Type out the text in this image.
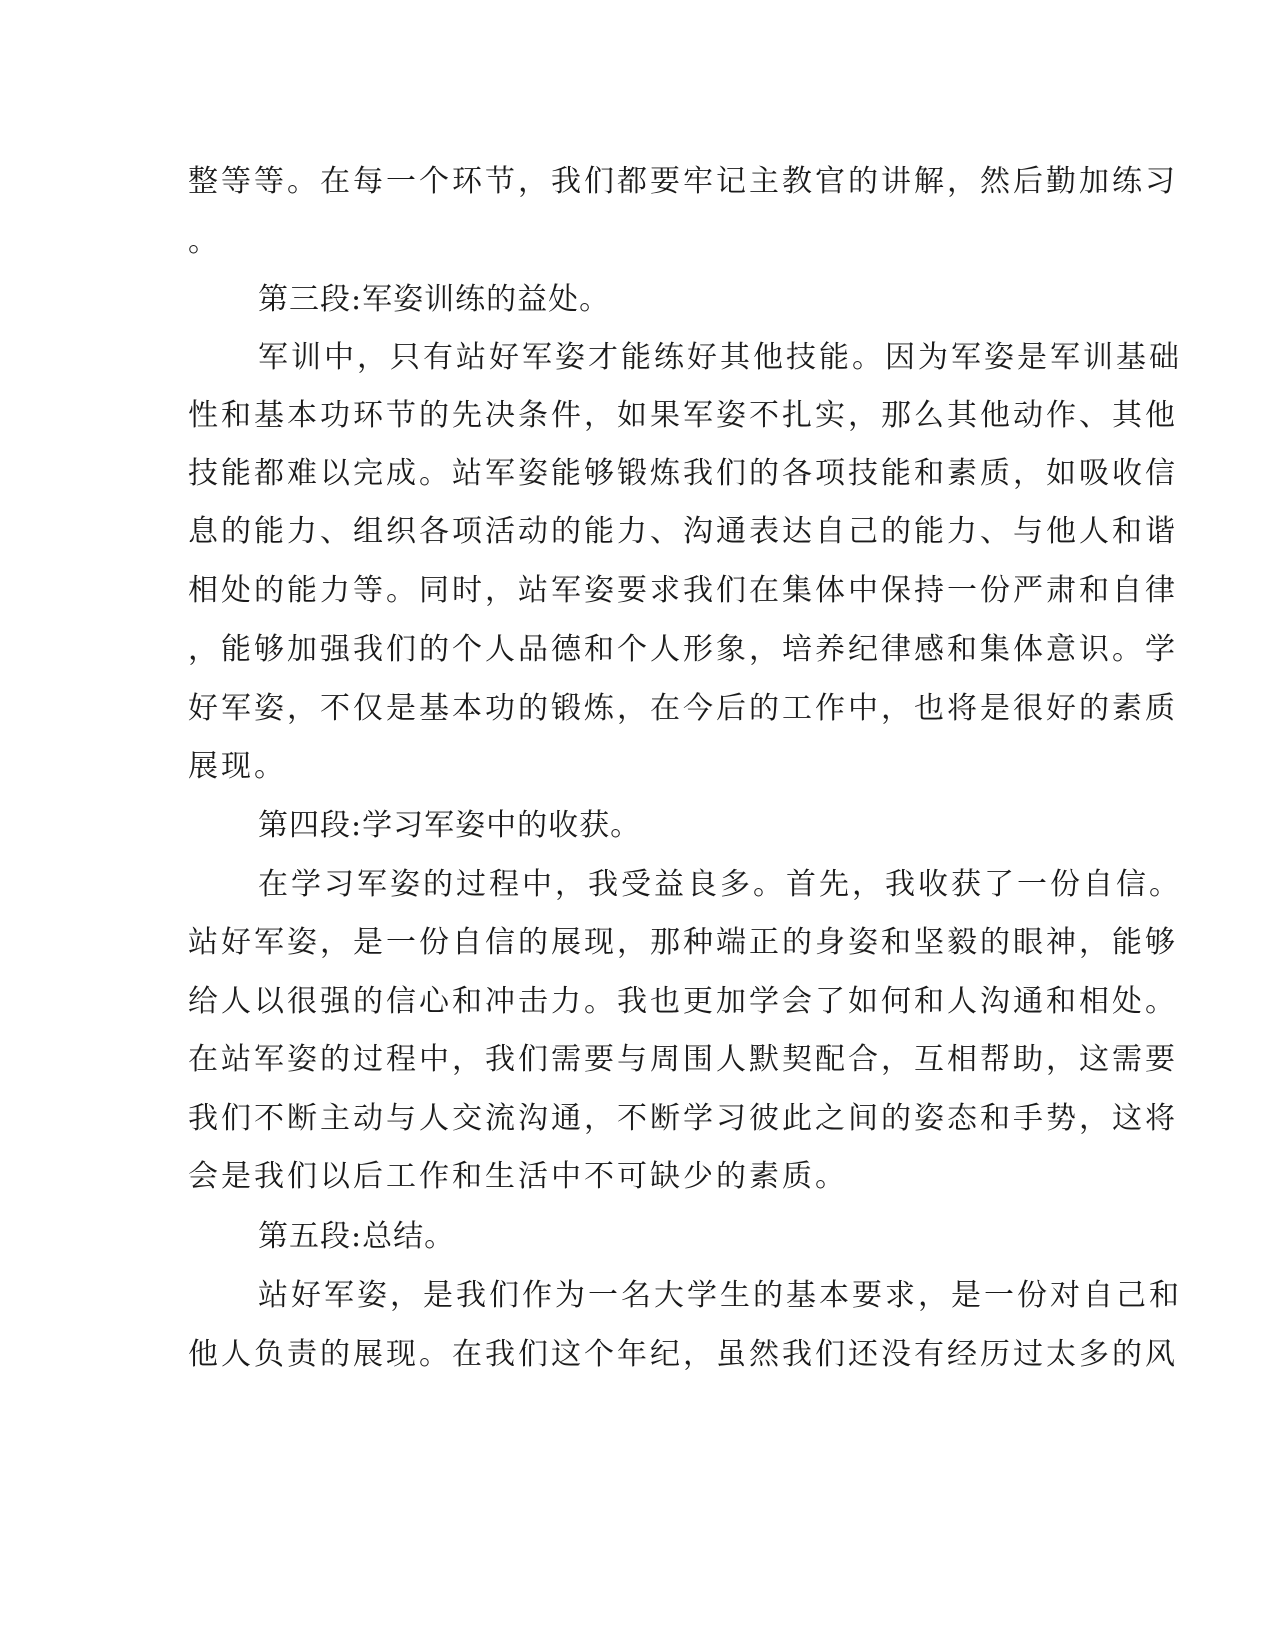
整等等。在每一个环节，我们都要牢记主教官的讲解，然后勤加练习
。
第三段:军姿训练的益处。
军训中，只有站好军姿才能练好其他技能。因为军姿是军训基础
性和基本功环节的先决条件，如果军姿不扎实，那么其他动作、其他
技能都难以完成。站军姿能够锻炼我们的各项技能和素质，如吸收信
息的能力、组织各项活动的能力、沟通表达自己的能力、与他人和谐
相处的能力等。同时，站军姿要求我们在集体中保持一份严肃和自律
，能够加强我们的个人品德和个人形象，培养纪律感和集体意识。学
好军姿，不仅是基本功的锻炼，在今后的工作中，也将是很好的素质
展现。
第四段:学习军姿中的收获。
在学习军姿的过程中，我受益良多。首先，我收获了一份自信。
站好军姿，是一份自信的展现，那种端正的身姿和坚毅的眼神，能够
给人以很强的信心和冲击力。我也更加学会了如何和人沟通和相处。
在站军姿的过程中，我们需要与周围人默契配合，互相帮助，这需要
我们不断主动与人交流沟通，不断学习彼此之间的姿态和手势，这将
会是我们以后工作和生活中不可缺少的素质。
第五段:总结。
站好军姿，是我们作为一名大学生的基本要求，是一份对自己和
他人负责的展现。在我们这个年纪，虽然我们还没有经历过太多的风
